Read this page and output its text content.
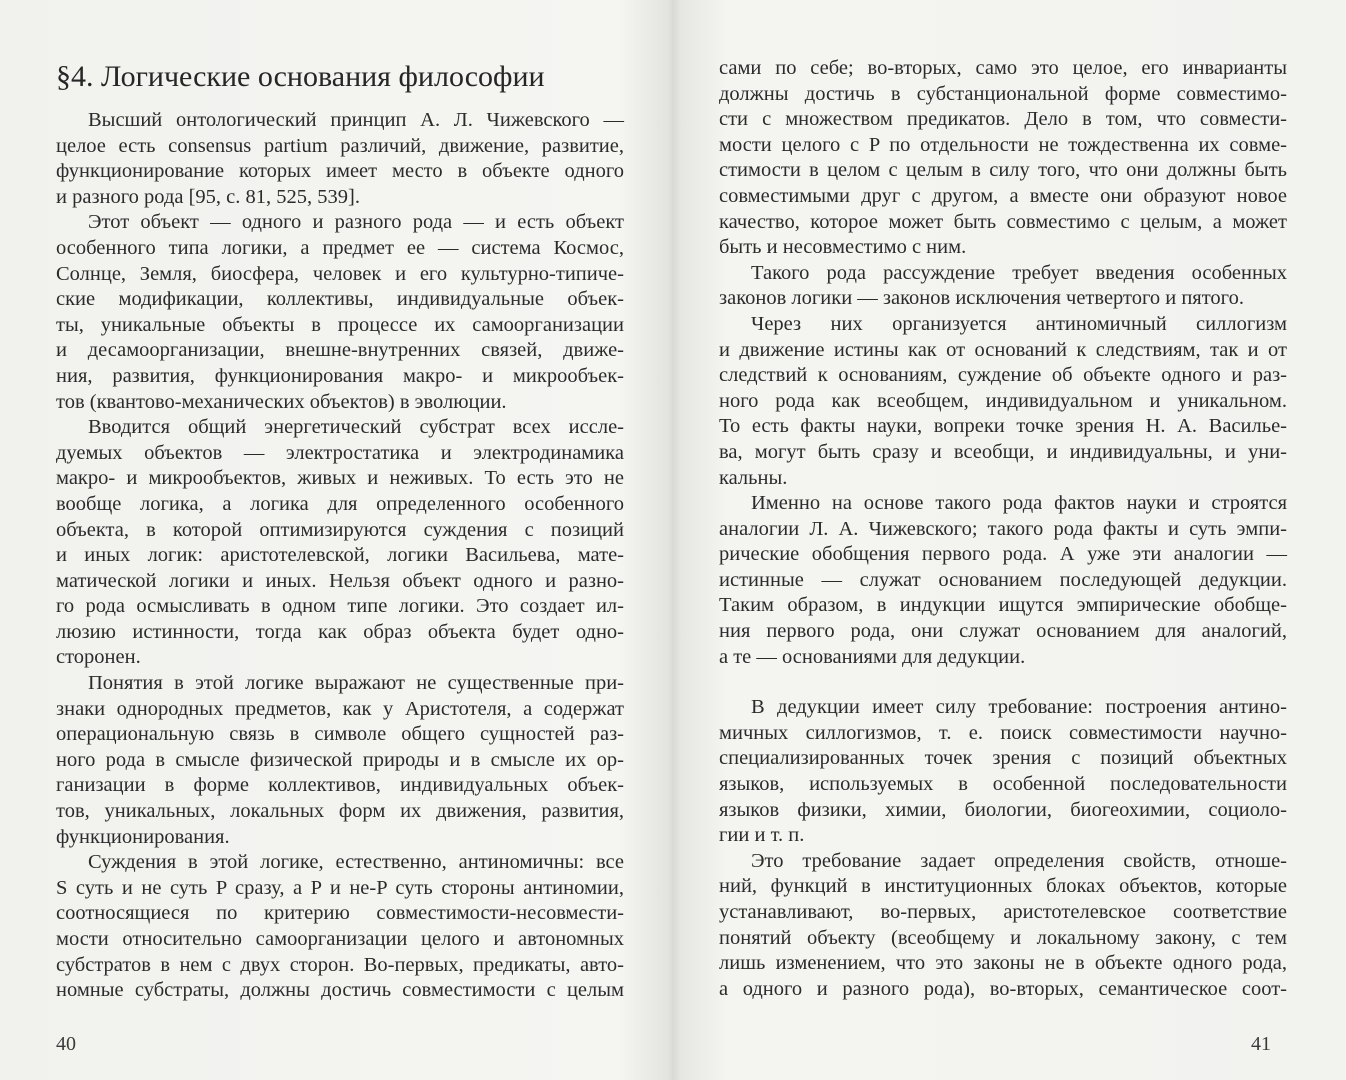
§4. Логические основания философии

Высший онтологический принцип А. Л. Чижевского —
целое есть consensus partium различий, движение, развитие,
функционирование которых имеет место в объекте одного
и разного рода [95, с. 81, 525, 539].

Этот объект — одного и разного рода — и есть объект
особенного типа логики, а предмет ее — система Космос,
Солнце, Земля, биосфера, человек и его культурно-типиче-
ские модификации, коллективы, индивидуальные объек-
ты, уникальные объекты в процессе их самоорганизации
и десамоорганизации, внешне-внутренних связей, движе-
ния, развития, функционирования макро- и микрообъек-
тов (квантово-механических объектов) в эволюции.

Вводится общий энергетический субстрат всех иссле-
дуемых объектов — электростатика и электродинамика
макро- и микрообъектов, живых и неживых. То есть это не
вообще логика, а логика для определенного особенного
объекта, в которой оптимизируются суждения с позиций
и иных логик: аристотелевской, логики Васильева, мате-
матической логики и иных. Нельзя объект одного и разно-
го рода осмысливать в одном типе логики. Это создает ил-
люзию истинности, тогда как образ объекта будет одно-
сторонен.

Понятия в этой логике выражают не существенные при-
знаки однородных предметов, как у Аристотеля, а содержат
операциональную связь в символе общего сущностей раз-
ного рода в смысле физической природы и в смысле их ор-
ганизации в форме коллективов, индивидуальных объек-
тов, уникальных, локальных форм их движения, развития,
функционирования.

Суждения в этой логике, естественно, антиномичны: все
S суть и не суть P сразу, а P и не-P суть стороны антиномии,
соотносящиеся по критерию совместимости-несовмести-
мости относительно самоорганизации целого и автономных
субстратов в нем с двух сторон. Во-первых, предикаты, авто-
номные субстраты, должны достичь совместимости с целым

40

сами по себе; во-вторых, само это целое, его инварианты
должны достичь в субстанциональной форме совместимо-
сти с множеством предикатов. Дело в том, что совмести-
мости целого с P по отдельности не тождественна их совме-
стимости в целом с целым в силу того, что они должны быть
совместимыми друг с другом, а вместе они образуют новое
качество, которое может быть совместимо с целым, а может
быть и несовместимо с ним.

Такого рода рассуждение требует введения особенных
законов логики — законов исключения четвертого и пятого.

Через них организуется антиномичный силлогизм
и движение истины как от оснований к следствиям, так и от
следствий к основаниям, суждение об объекте одного и раз-
ного рода как всеобщем, индивидуальном и уникальном.
То есть факты науки, вопреки точке зрения Н. А. Василье-
ва, могут быть сразу и всеобщи, и индивидуальны, и уни-
кальны.

Именно на основе такого рода фактов науки и строятся
аналогии Л. А. Чижевского; такого рода факты и суть эмпи-
рические обобщения первого рода. А уже эти аналогии —
истинные — служат основанием последующей дедукции.
Таким образом, в индукции ищутся эмпирические обобще-
ния первого рода, они служат основанием для аналогий,
а те — основаниями для дедукции.

В дедукции имеет силу требование: построения антино-
мичных силлогизмов, т. е. поиск совместимости научно-
специализированных точек зрения с позиций объектных
языков, используемых в особенной последовательности
языков физики, химии, биологии, биогеохимии, социоло-
гии и т. п.

Это требование задает определения свойств, отноше-
ний, функций в институционных блоках объектов, которые
устанавливают, во-первых, аристотелевское соответствие
понятий объекту (всеобщему и локальному закону, с тем
лишь изменением, что это законы не в объекте одного рода,
а одного и разного рода), во-вторых, семантическое соот-

41
